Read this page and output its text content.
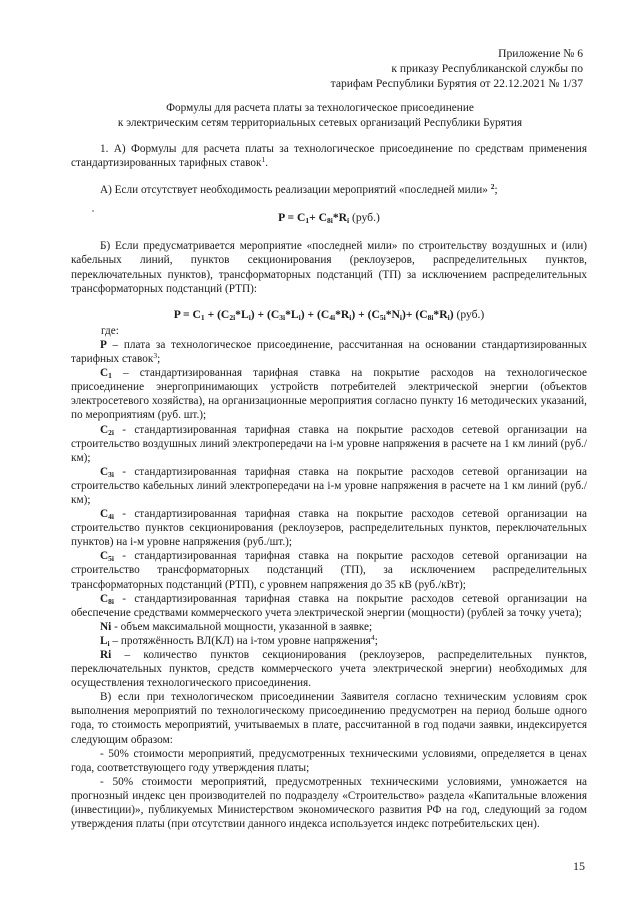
Приложение № 6
к приказу Республиканской службы по
тарифам Республики Бурятия от 22.12.2021 № 1/37
Формулы для расчета платы за технологическое присоединение
к электрическим сетям территориальных сетевых организаций Республики Бурятия

1. А) Формулы для расчета платы за технологическое присоединение по средствам применения стандартизированных тарифных ставок$^1$.

А) Если отсутствует необходимость реализации мероприятий «последней мили» $^2$;

$P = C_1+ C_{8i}*R_i$ (руб.)

Б) Если предусматривается мероприятие «последней мили» по строительству воздушных и (или) кабельных линий, пунктов секционирования (реклоузеров, распределительных пунктов, переключательных пунктов), трансформаторных подстанций (ТП) за исключением распределительных трансформаторных подстанций (РТП):

$P = C_1 + (C_{2i}*L_i) + (C_{3i}*L_i) + (C_{4i}*R_i) + (C_{5i}*N_i)+ (C_{8i}*R_i)$ (руб.)

где:

P – плата за технологическое присоединение, рассчитанная на основании стандартизированных тарифных ставок$^3$;

$C_1$ – стандартизированная тарифная ставка на покрытие расходов на технологическое присоединение энергопринимающих устройств потребителей электрической энергии (объектов электросетевого хозяйства), на организационные мероприятия согласно пункту 16 методических указаний, по мероприятиям (руб. шт.);

$C_{2i}$ - стандартизированная тарифная ставка на покрытие расходов сетевой организации на строительство воздушных линий электропередачи на i-м уровне напряжения в расчете на 1 км линий (руб./км);

$C_{3i}$ - стандартизированная тарифная ставка на покрытие расходов сетевой организации на строительство кабельных линий электропередачи на i-м уровне напряжения в расчете на 1 км линий (руб./км);

$C_{4i}$ - стандартизированная тарифная ставка на покрытие расходов сетевой организации на строительство пунктов секционирования (реклоузеров, распределительных пунктов, переключательных пунктов) на i-м уровне напряжения (руб./шт.);

$C_{5i}$ - стандартизированная тарифная ставка на покрытие расходов сетевой организации на строительство трансформаторных подстанций (ТП), за исключением распределительных трансформаторных подстанций (РТП), с уровнем напряжения до 35 кВ (руб./кВт);

$C_{8i}$ - стандартизированная тарифная ставка на покрытие расходов сетевой организации на обеспечение средствами коммерческого учета электрической энергии (мощности) (рублей за точку учета);

Ni - объем максимальной мощности, указанной в заявке;

$L_i$ – протяжённость ВЛ(КЛ) на i-том уровне напряжения$^4$;

Ri – количество пунктов секционирования (реклоузеров, распределительных пунктов, переключательных пунктов, средств коммерческого учета электрической энергии) необходимых для осуществления технологического присоединения.

В) если при технологическом присоединении Заявителя согласно техническим условиям срок выполнения мероприятий по технологическому присоединению предусмотрен на период больше одного года, то стоимость мероприятий, учитываемых в плате, рассчитанной в год подачи заявки, индексируется следующим образом:

- 50% стоимости мероприятий, предусмотренных техническими условиями, определяется в ценах года, соответствующего году утверждения платы;

- 50% стоимости мероприятий, предусмотренных техническими условиями, умножается на прогнозный индекс цен производителей по подразделу «Строительство» раздела «Капитальные вложения (инвестиции)», публикуемых Министерством экономического развития РФ на год, следующий за годом утверждения платы (при отсутствии данного индекса используется индекс потребительских цен).

15
